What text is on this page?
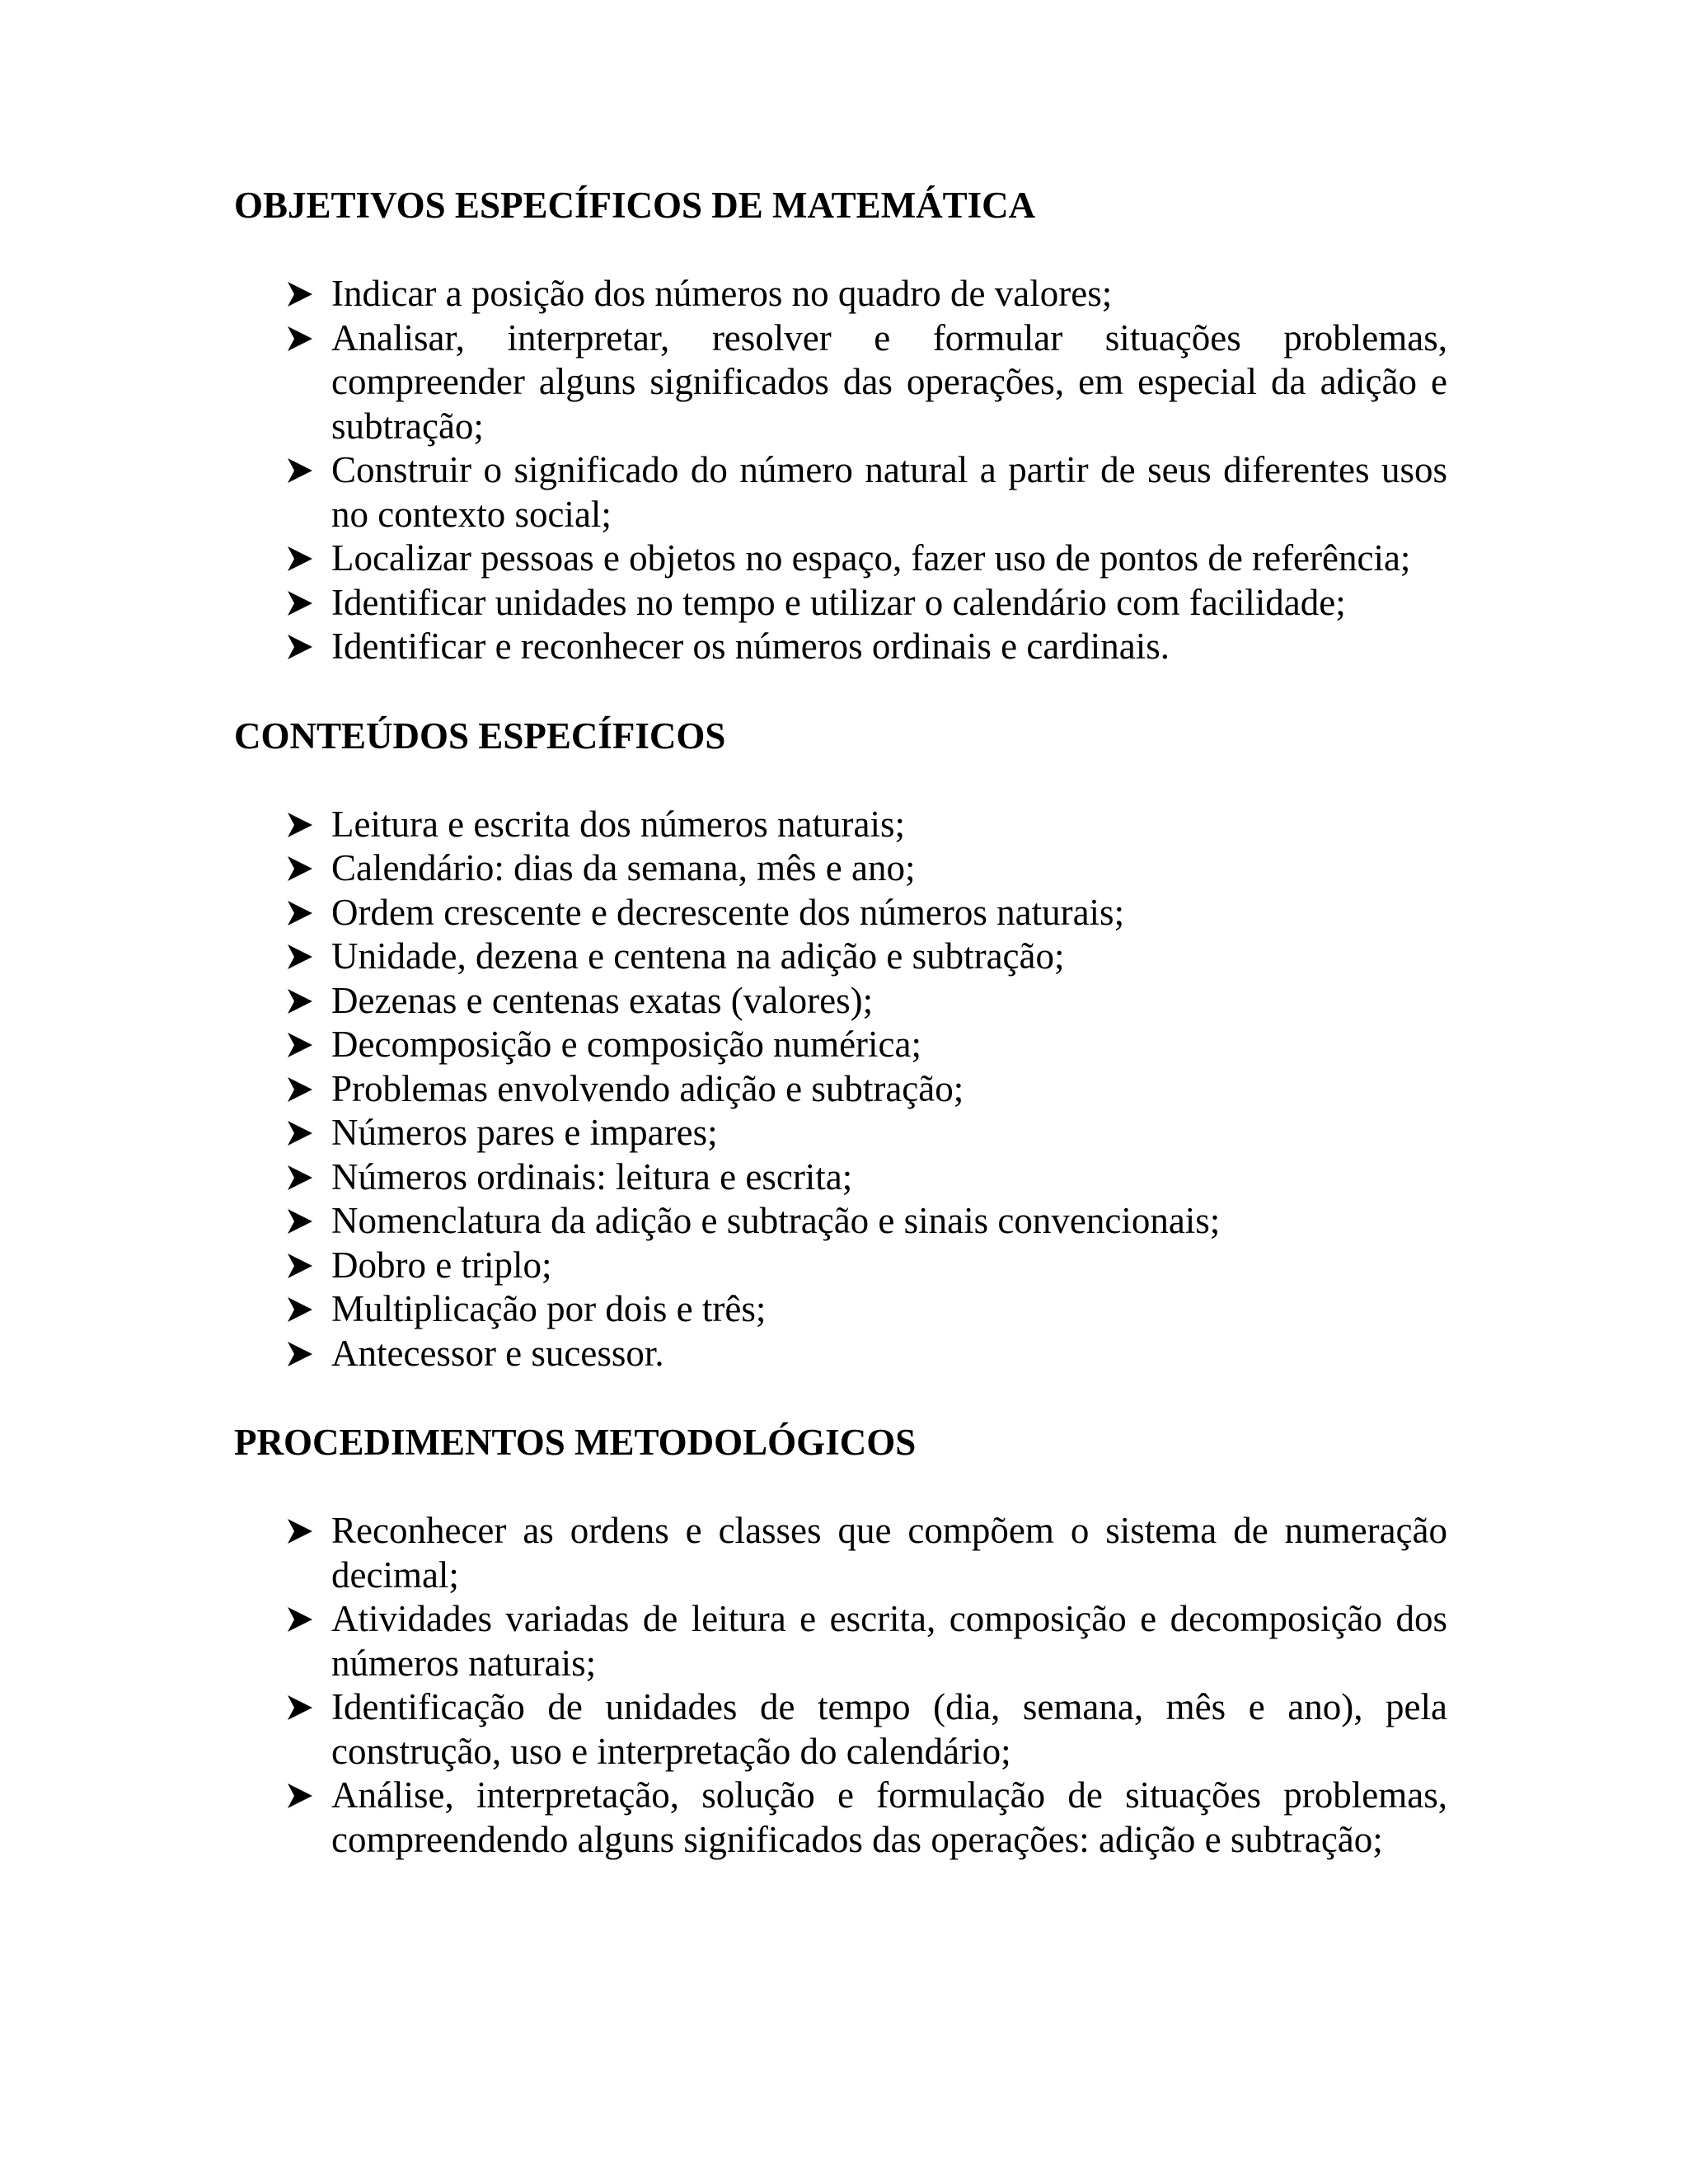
OBJETIVOS ESPECÍFICOS DE MATEMÁTICA
Indicar a posição dos números no quadro de valores;
Analisar, interpretar, resolver e formular situações problemas, compreender alguns significados das operações, em especial da adição e subtração;
Construir o significado do número natural a partir de seus diferentes usos no contexto social;
Localizar pessoas e objetos no espaço, fazer uso de pontos de referência;
Identificar unidades no tempo e utilizar o calendário com facilidade;
Identificar e reconhecer os números ordinais e cardinais.
CONTEÚDOS ESPECÍFICOS
Leitura e escrita dos números naturais;
Calendário: dias da semana, mês e ano;
Ordem crescente e decrescente dos números naturais;
Unidade, dezena e centena na adição e subtração;
Dezenas e centenas exatas (valores);
Decomposição e composição numérica;
Problemas envolvendo adição e subtração;
Números pares e impares;
Números ordinais: leitura e escrita;
Nomenclatura da adição e subtração e sinais convencionais;
Dobro e triplo;
Multiplicação por dois e três;
Antecessor e sucessor.
PROCEDIMENTOS METODOLÓGICOS
Reconhecer as ordens e classes que compõem o sistema de numeração decimal;
Atividades variadas de leitura e escrita, composição e decomposição dos números naturais;
Identificação de unidades de tempo (dia, semana, mês e ano), pela construção, uso e interpretação do calendário;
Análise, interpretação, solução e formulação de situações problemas, compreendendo alguns significados das operações: adição e subtração;
